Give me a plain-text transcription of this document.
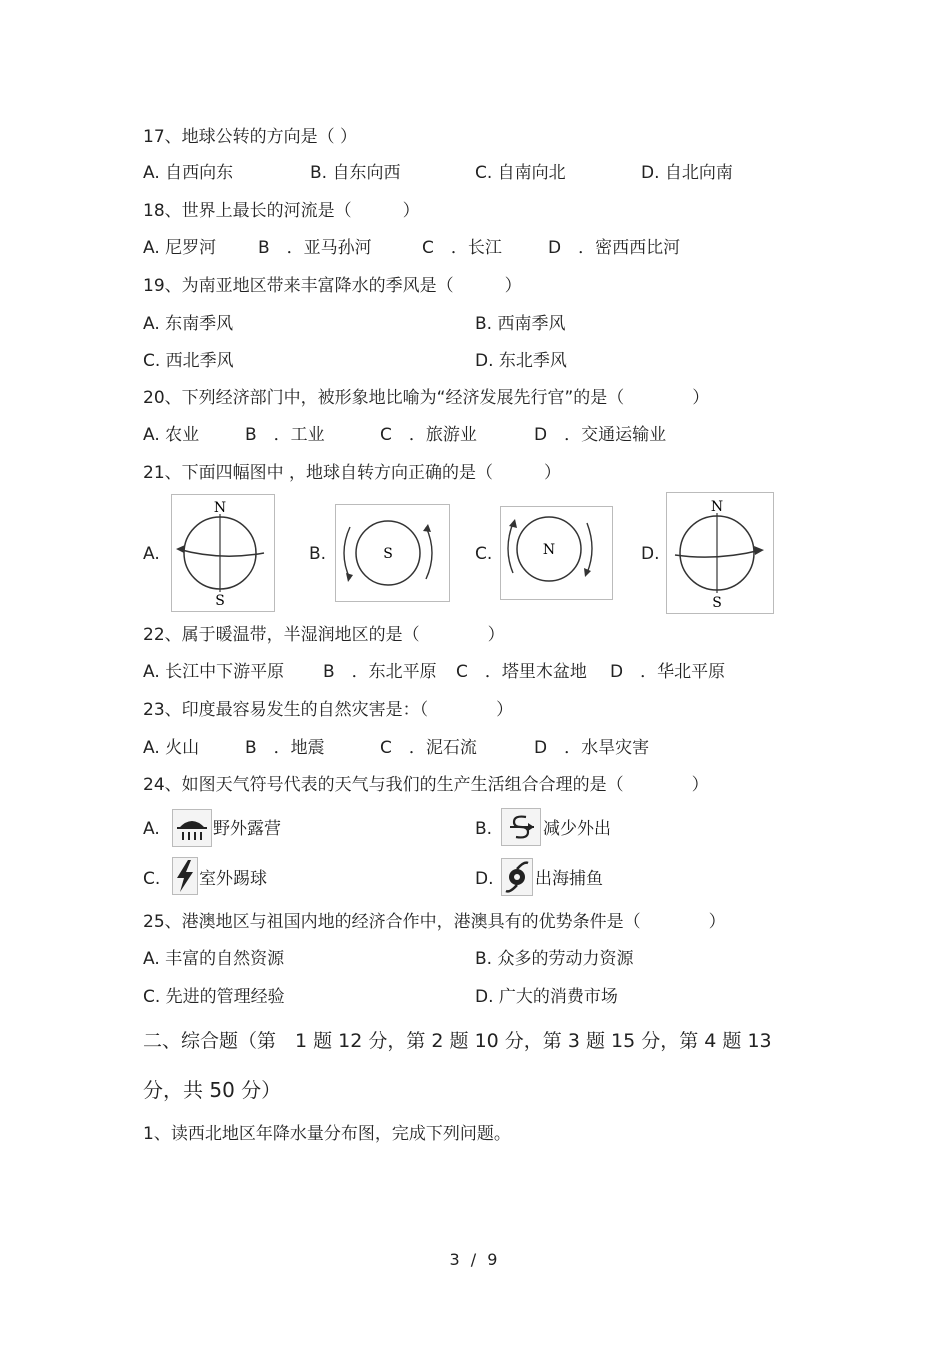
17、地球公转的方向是（ ）
A. 自西向东	B. 自东向西	C. 自南向北	D. 自北向南
18、世界上最长的河流是（　　　）
A. 尼罗河 B　．亚马孙河	C　．长江	D　．密西西比河
19、为南亚地区带来丰富降水的季风是（　　　）
A. 东南季风	B. 西南季风
C. 西北季风	D. 东北季风
20、下列经济部门中，被形象地比喻为“经济发展先行官”的是（　　　　）
A. 农业	B　．工业	C　．旅游业	D　．交通运输业
21、下面四幅图中 ，地球自转方向正确的是（　　　）
A.	B.	C.	D.
N
S
S	N
N
S
22、属于暖温带，半湿润地区的是（　　　　）
A. 长江中下游平原 B　．东北平原 C　．塔里木盆地 D　．华北平原
23、印度最容易发生的自然灾害是：（　　　　）
A. 火山	B　．地震	C　．泥石流	D　．水旱灾害
24、如图天气符号代表的天气与我们的生产生活组合合理的是（　　　　）
A.	野外露营	B.	减少外出
C. 室外踢球	D. 出海捕鱼
25、港澳地区与祖国内地的经济合作中，港澳具有的优势条件是（　　　　）
A. 丰富的自然资源	B. 众多的劳动力资源
C. 先进的管理经验	D. 广大的消费市场
二、综合题（第　1 题 12 分，第 2 题 10 分，第 3 题 15 分，第 4 题 13
分，共 50 分）
1、读西北地区年降水量分布图，完成下列问题。
3 / 9
